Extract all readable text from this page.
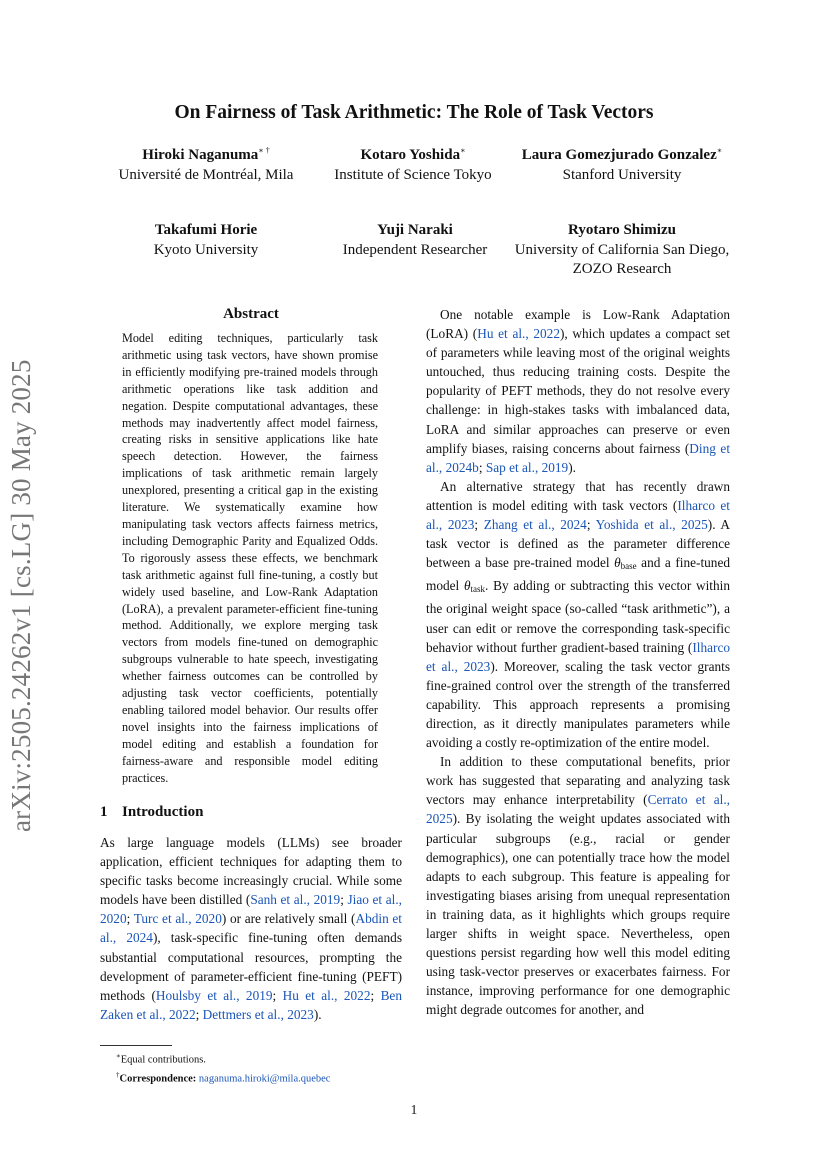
arXiv:2505.24262v1 [cs.LG] 30 May 2025
On Fairness of Task Arithmetic: The Role of Task Vectors
Hiroki Naganuma∗ †
Université de Montréal, Mila
Kotaro Yoshida∗
Institute of Science Tokyo
Laura Gomezjurado Gonzalez∗
Stanford University
Takafumi Horie
Kyoto University
Yuji Naraki
Independent Researcher
Ryotaro Shimizu
University of California San Diego, ZOZO Research
Abstract
Model editing techniques, particularly task arithmetic using task vectors, have shown promise in efficiently modifying pre-trained models through arithmetic operations like task addition and negation. Despite computational advantages, these methods may inadvertently affect model fairness, creating risks in sensitive applications like hate speech detection. However, the fairness implications of task arithmetic remain largely unexplored, presenting a critical gap in the existing literature. We systematically examine how manipulating task vectors affects fairness metrics, including Demographic Parity and Equalized Odds. To rigorously assess these effects, we benchmark task arithmetic against full fine-tuning, a costly but widely used baseline, and Low-Rank Adaptation (LoRA), a prevalent parameter-efficient fine-tuning method. Additionally, we explore merging task vectors from models fine-tuned on demographic subgroups vulnerable to hate speech, investigating whether fairness outcomes can be controlled by adjusting task vector coefficients, potentially enabling tailored model behavior. Our results offer novel insights into the fairness implications of model editing and establish a foundation for fairness-aware and responsible model editing practices.
1 Introduction

As large language models (LLMs) see broader application, efficient techniques for adapting them to specific tasks become increasingly crucial. While some models have been distilled (Sanh et al., 2019; Jiao et al., 2020; Turc et al., 2020) or are relatively small (Abdin et al., 2024), task-specific fine-tuning often demands substantial computational resources, prompting the development of parameter-efficient fine-tuning (PEFT) methods (Houlsby et al., 2019; Hu et al., 2022; Ben Zaken et al., 2022; Dettmers et al., 2023).

∗Equal contributions.
†Correspondence: naganuma.hiroki@mila.quebec

One notable example is Low-Rank Adaptation (LoRA) (Hu et al., 2022), which updates a compact set of parameters while leaving most of the original weights untouched, thus reducing training costs. Despite the popularity of PEFT methods, they do not resolve every challenge: in high-stakes tasks with imbalanced data, LoRA and similar approaches can preserve or even amplify biases, raising concerns about fairness (Ding et al., 2024b; Sap et al., 2019).

An alternative strategy that has recently drawn attention is model editing with task vectors (Ilharco et al., 2023; Zhang et al., 2024; Yoshida et al., 2025). A task vector is defined as the parameter difference between a base pre-trained model $\theta_{base}$ and a fine-tuned model $\theta_{task}$. By adding or subtracting this vector within the original weight space (so-called “task arithmetic”), a user can edit or remove the corresponding task-specific behavior without further gradient-based training (Ilharco et al., 2023). Moreover, scaling the task vector grants fine-grained control over the strength of the transferred capability. This approach represents a promising direction, as it directly manipulates parameters while avoiding a costly re-optimization of the entire model.

In addition to these computational benefits, prior work has suggested that separating and analyzing task vectors may enhance interpretability (Cerrato et al., 2025). By isolating the weight updates associated with particular subgroups (e.g., racial or gender demographics), one can potentially trace how the model adapts to each subgroup. This feature is appealing for investigating biases arising from unequal representation in training data, as it highlights which groups require larger shifts in weight space. Nevertheless, open questions persist regarding how well this model editing using task-vector preserves or exacerbates fairness. For instance, improving performance for one demographic might degrade outcomes for another, and

1
